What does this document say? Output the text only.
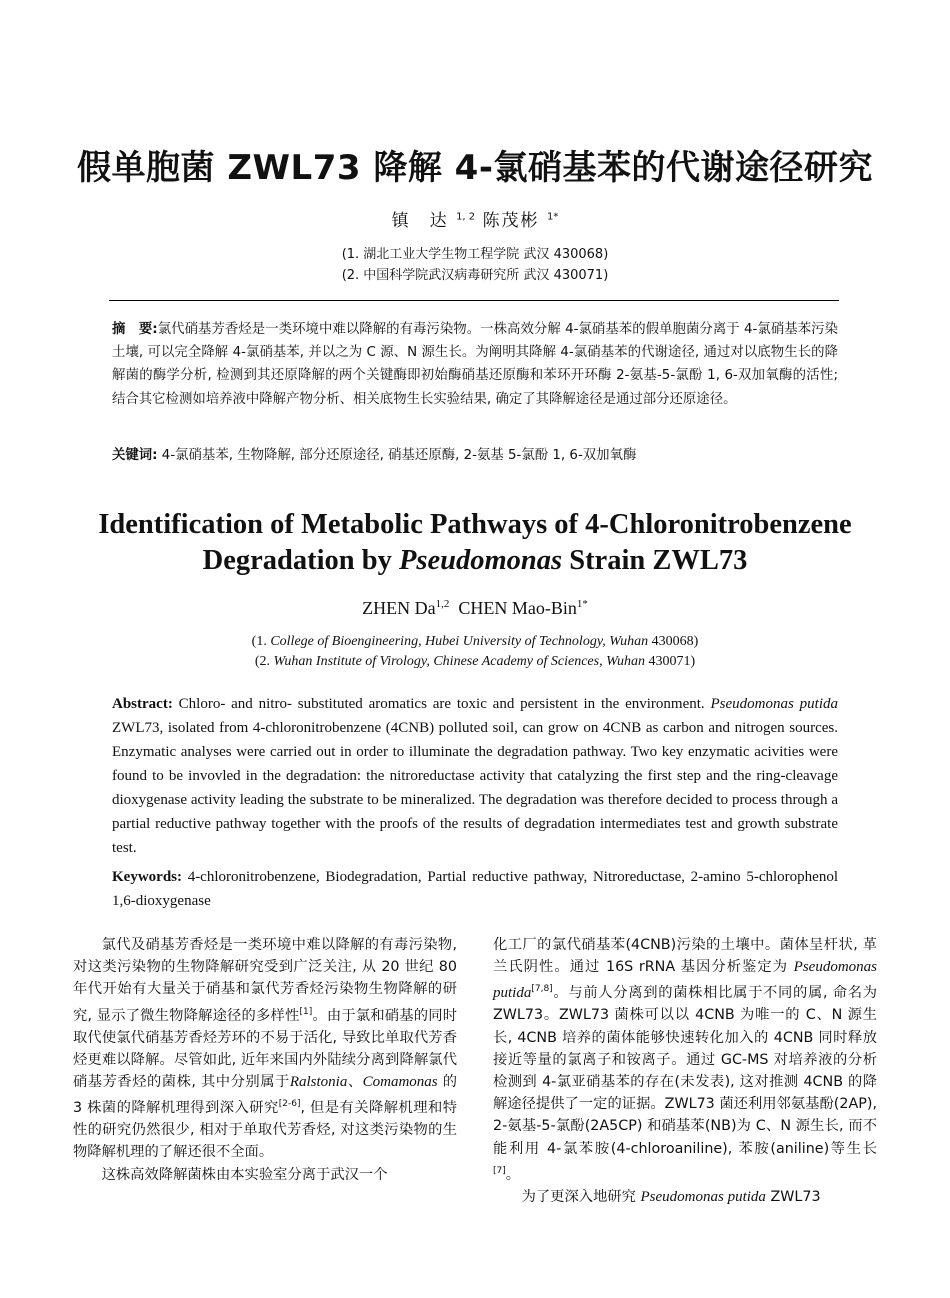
假单胞菌 ZWL73 降解 4-氯硝基苯的代谢途径研究
镇　达 $^{1, 2}$ 陈茂彬 $^{1*}$
(1. 湖北工业大学生物工程学院 武汉 430068)
(2. 中国科学院武汉病毒研究所 武汉 430071)
摘　要:氯代硝基芳香烃是一类环境中难以降解的有毒污染物。一株高效分解 4-氯硝基苯的假单胞菌分离于 4-氯硝基苯污染土壤, 可以完全降解 4-氯硝基苯, 并以之为 C 源、N 源生长。为阐明其降解 4-氯硝基苯的代谢途径, 通过对以底物生长的降解菌的酶学分析, 检测到其还原降解的两个关键酶即初始酶硝基还原酶和苯环开环酶 2-氨基-5-氯酚 1, 6-双加氧酶的活性; 结合其它检测如培养液中降解产物分析、相关底物生长实验结果, 确定了其降解途径是通过部分还原途径。
关键词: 4-氯硝基苯, 生物降解, 部分还原途径, 硝基还原酶, 2-氨基 5-氯酚 1, 6-双加氧酶
Identification of Metabolic Pathways of 4-Chloronitrobenzene
Degradation by Pseudomonas Strain ZWL73
ZHEN Da$^{1,2}$ CHEN Mao-Bin$^{1*}$
(1. College of Bioengineering, Hubei University of Technology, Wuhan 430068)
(2. Wuhan Institute of Virology, Chinese Academy of Sciences, Wuhan 430071)
Abstract: Chloro- and nitro- substituted aromatics are toxic and persistent in the environment. Pseudomonas putida ZWL73, isolated from 4-chloronitrobenzene (4CNB) polluted soil, can grow on 4CNB as carbon and nitrogen sources. Enzymatic analyses were carried out in order to illuminate the degradation pathway. Two key enzymatic acivities were found to be invovled in the degradation: the nitroreductase activity that catalyzing the first step and the ring-cleavage dioxygenase activity leading the substrate to be mineralized. The degradation was therefore decided to process through a partial reductive pathway together with the proofs of the results of degradation intermediates test and growth substrate test.
Keywords: 4-chloronitrobenzene, Biodegradation, Partial reductive pathway, Nitroreductase, 2-amino 5-chlorophenol 1,6-dioxygenase

氯代及硝基芳香烃是一类环境中难以降解的有毒污染物, 对这类污染物的生物降解研究受到广泛关注, 从 20 世纪 80 年代开始有大量关于硝基和氯代芳香烃污染物生物降解的研究, 显示了微生物降解途径的多样性[1]。由于氯和硝基的同时取代使氯代硝基芳香烃芳环的不易于活化, 导致比单取代芳香烃更难以降解。尽管如此, 近年来国内外陆续分离到降解氯代硝基芳香烃的菌株, 其中分别属于Ralstonia、Comamonas 的 3 株菌的降解机理得到深入研究[2-6], 但是有关降解机理和特性的研究仍然很少, 相对于单取代芳香烃, 对这类污染物的生物降解机理的了解还很不全面。

这株高效降解菌株由本实验室分离于武汉一个

化工厂的氯代硝基苯(4CNB)污染的土壤中。菌体呈杆状, 革兰氏阴性。通过 16S rRNA 基因分析鉴定为 Pseudomonas putida[7,8]。与前人分离到的菌株相比属于不同的属, 命名为 ZWL73。ZWL73 菌株可以以 4CNB 为唯一的 C、N 源生长, 4CNB 培养的菌体能够快速转化加入的 4CNB 同时释放接近等量的氯离子和铵离子。通过 GC-MS 对培养液的分析检测到 4-氯亚硝基苯的存在(未发表), 这对推测 4CNB 的降解途径提供了一定的证据。ZWL73 菌还利用邻氨基酚(2AP), 2-氨基-5-氯酚(2A5CP) 和硝基苯(NB)为 C、N 源生长, 而不能利用 4-氯苯胺(4-chloroaniline), 苯胺(aniline)等生长[7]。

为了更深入地研究 Pseudomonas putida ZWL73
